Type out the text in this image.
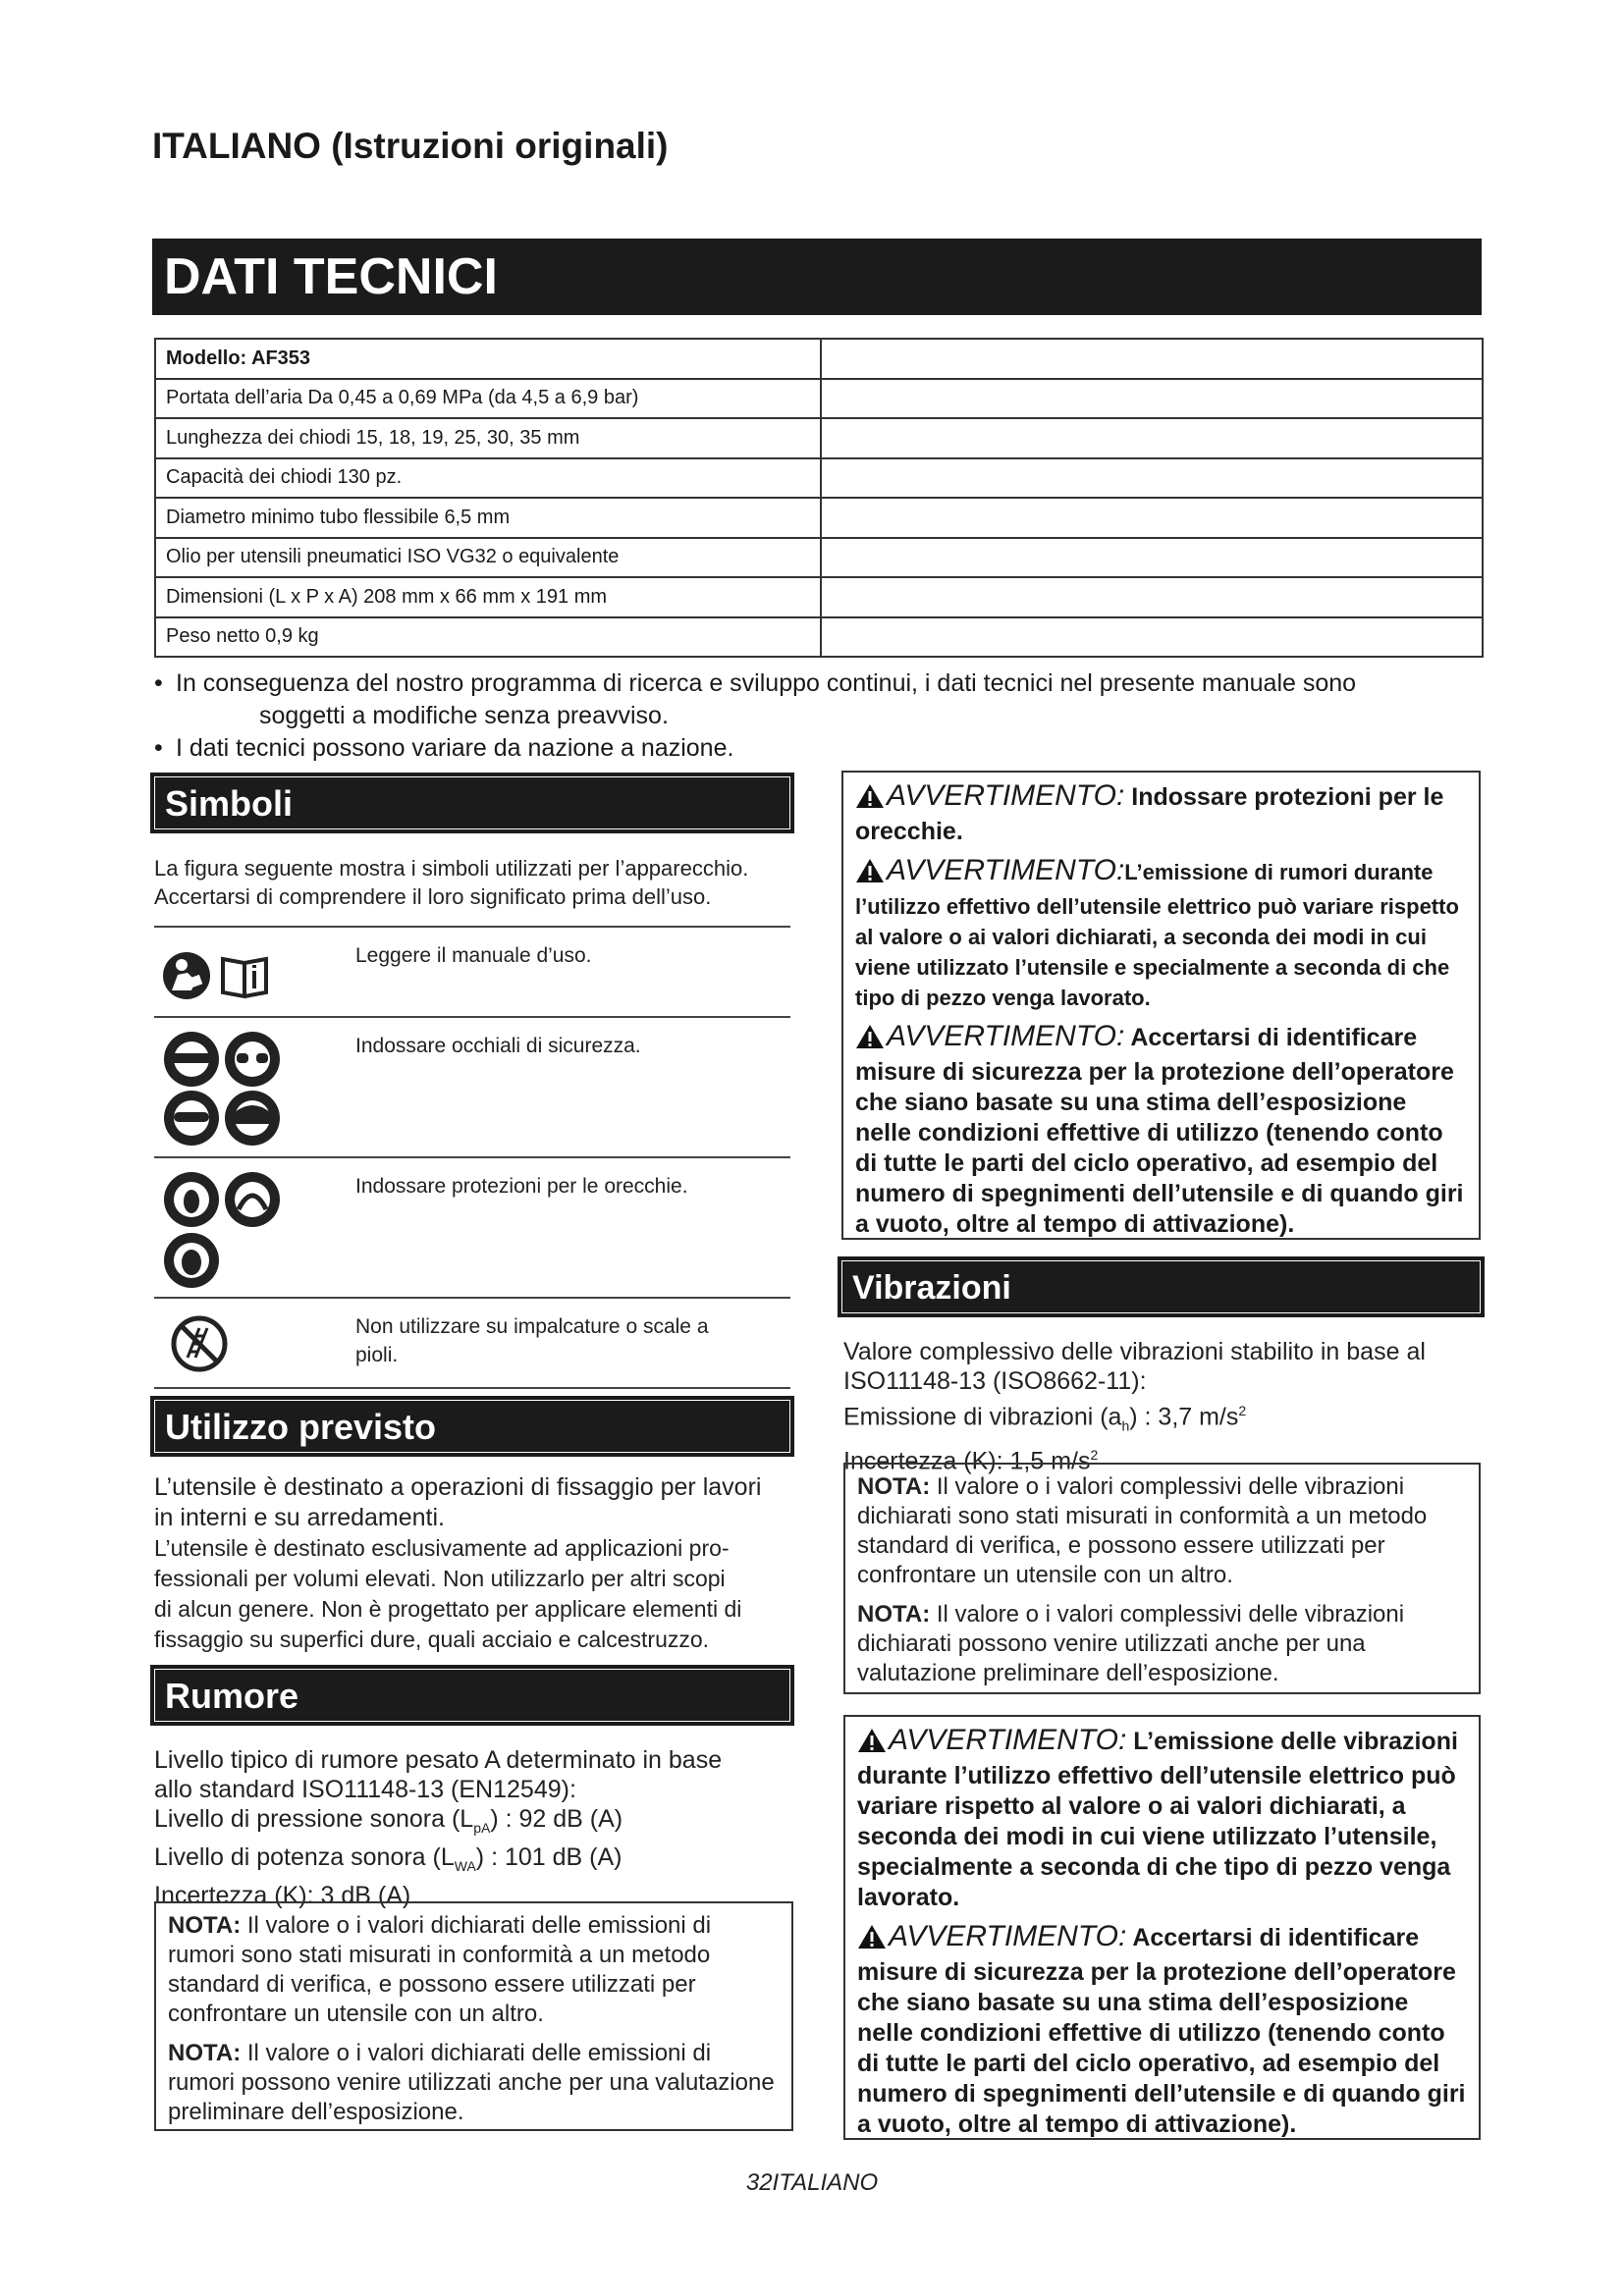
ITALIANO (Istruzioni originali)
DATI TECNICI
Modello: AF353	
Portata dell’aria Da 0,45 a 0,69 MPa (da 4,5 a 6,9 bar)	
Lunghezza dei chiodi 15, 18, 19, 25, 30, 35 mm	
Capacità dei chiodi 130 pz.	
Diametro minimo tubo flessibile 6,5 mm	
Olio per utensili pneumatici ISO VG32 o equivalente	
Dimensioni (L x P x A) 208 mm x 66 mm x 191 mm	
Peso netto 0,9 kg	
• In conseguenza del nostro programma di ricerca e sviluppo continui, i dati tecnici nel presente manuale sono
soggetti a modifiche senza preavviso.
• I dati tecnici possono variare da nazione a nazione.
Simboli
La figura seguente mostra i simboli utilizzati per l’apparecchio.
Accertarsi di comprendere il loro significato prima dell’uso.
Leggere il manuale d’uso.
Indossare occhiali di sicurezza.
Indossare protezioni per le orecchie.
Non utilizzare su impalcature o scale a pioli.
Utilizzo previsto
L’utensile è destinato a operazioni di fissaggio per lavori
in interni e su arredamenti.
L’utensile è destinato esclusivamente ad applicazioni pro-
fessionali per volumi elevati. Non utilizzarlo per altri scopi
di alcun genere. Non è progettato per applicare elementi di
fissaggio su superfici dure, quali acciaio e calcestruzzo.
Rumore
Livello tipico di rumore pesato A determinato in base
allo standard ISO11148-13 (EN12549):
Livello di pressione sonora $(L_{pA})$ : 92 dB (A)
Livello di potenza sonora $(L_{WA})$ : 101 dB (A)
Incertezza (K): 3 dB (A)

NOTA: Il valore o i valori dichiarati delle emissioni di rumori sono stati misurati in conformità a un metodo standard di verifica, e possono essere utilizzati per confrontare un utensile con un altro.

NOTA: Il valore o i valori dichiarati delle emissioni di rumori possono venire utilizzati anche per una valutazione preliminare dell’esposizione.

AVVERTIMENTO: Indossare protezioni per le orecchie.

AVVERTIMENTO:L’emissione di rumori durante l’utilizzo effettivo dell’utensile elettrico può variare rispetto al valore o ai valori dichiarati, a seconda dei modi in cui viene utilizzato l’utensile e specialmente a seconda di che tipo di pezzo venga lavorato.

AVVERTIMENTO: Accertarsi di identificare misure di sicurezza per la protezione dell’operatore che siano basate su una stima dell’esposizione nelle condizioni effettive di utilizzo (tenendo conto di tutte le parti del ciclo operativo, ad esempio del numero di spegnimenti dell’utensile e di quando giri a vuoto, oltre al tempo di attivazione).

Vibrazioni
Valore complessivo delle vibrazioni stabilito in base al
ISO11148-13 (ISO8662-11):
Emissione di vibrazioni $(a_h)$ : 3,7 $m/s^2$
Incertezza (K): 1,5 $m/s^2$

NOTA: Il valore o i valori complessivi delle vibrazioni dichiarati sono stati misurati in conformità a un metodo standard di verifica, e possono essere utilizzati per confrontare un utensile con un altro.

NOTA: Il valore o i valori complessivi delle vibrazioni dichiarati possono venire utilizzati anche per una valutazione preliminare dell’esposizione.

AVVERTIMENTO: L’emissione delle vibrazioni durante l’utilizzo effettivo dell’utensile elettrico può variare rispetto al valore o ai valori dichiarati, a seconda dei modi in cui viene utilizzato l’utensile, specialmente a seconda di che tipo di pezzo venga lavorato.

AVVERTIMENTO: Accertarsi di identificare misure di sicurezza per la protezione dell’operatore che siano basate su una stima dell’esposizione nelle condizioni effettive di utilizzo (tenendo conto di tutte le parti del ciclo operativo, ad esempio del numero di spegnimenti dell’utensile e di quando giri a vuoto, oltre al tempo di attivazione).

32ITALIANO
